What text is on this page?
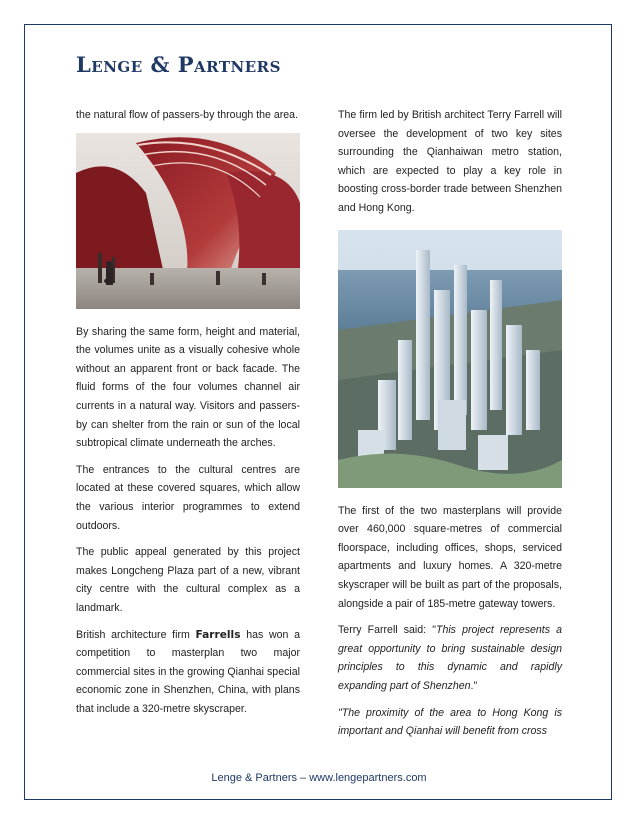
Lenge & Partners

the natural flow of passers-by through the area.

By sharing the same form, height and material, the volumes unite as a visually cohesive whole without an apparent front or back facade. The fluid forms of the four volumes channel air currents in a natural way. Visitors and passers-by can shelter from the rain or sun of the local subtropical climate underneath the arches.

The entrances to the cultural centres are located at these covered squares, which allow the various interior programmes to extend outdoors.

The public appeal generated by this project makes Longcheng Plaza part of a new, vibrant city centre with the cultural complex as a landmark.

British architecture firm Farrells has won a competition to masterplan two major commercial sites in the growing Qianhai special economic zone in Shenzhen, China, with plans that include a 320-metre skyscraper.

The firm led by British architect Terry Farrell will oversee the development of two key sites surrounding the Qianhaiwan metro station, which are expected to play a key role in boosting cross-border trade between Shenzhen and Hong Kong.

The first of the two masterplans will provide over 460,000 square-metres of commercial floorspace, including offices, shops, serviced apartments and luxury homes. A 320-metre skyscraper will be built as part of the proposals, alongside a pair of 185-metre gateway towers.

Terry Farrell said: "This project represents a great opportunity to bring sustainable design principles to this dynamic and rapidly expanding part of Shenzhen."

"The proximity of the area to Hong Kong is important and Qianhai will benefit from cross

Lenge & Partners – www.lengepartners.com
